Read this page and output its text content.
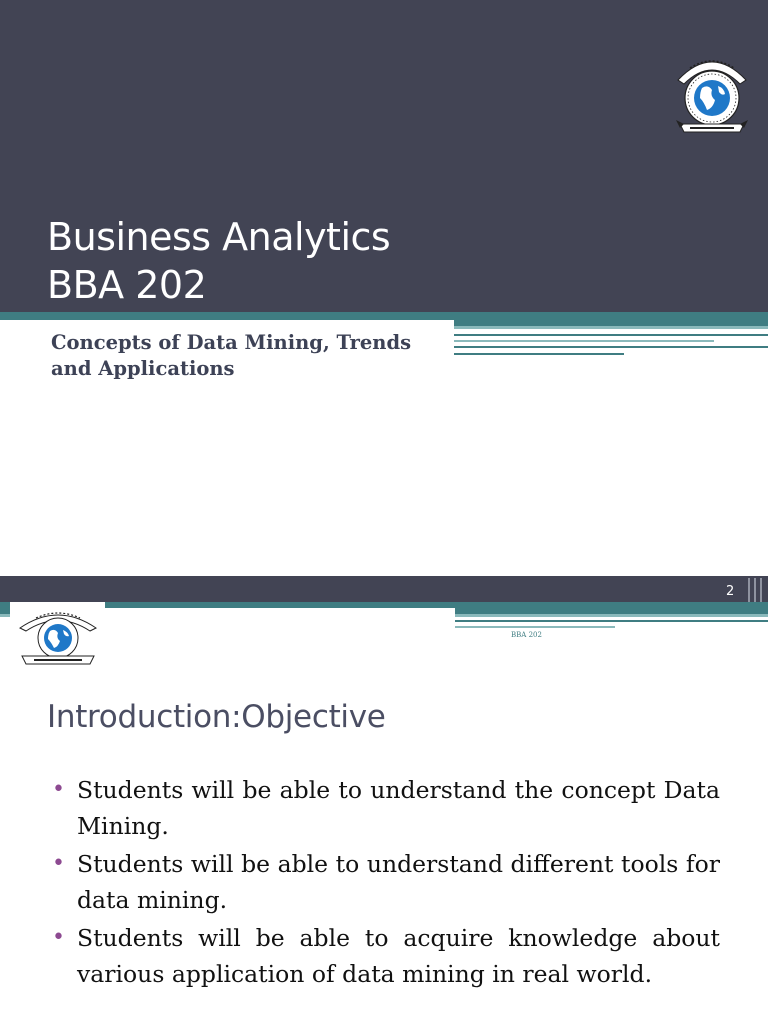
Business Analytics
BBA 202
Concepts of Data Mining, Trends
and Applications
2
BBA 202
Introduction:Objective
• Students will be able to understand the concept Data Mining.
• Students will be able to understand different tools for data mining.
• Students will be able to acquire knowledge about various application of data mining in real world.
